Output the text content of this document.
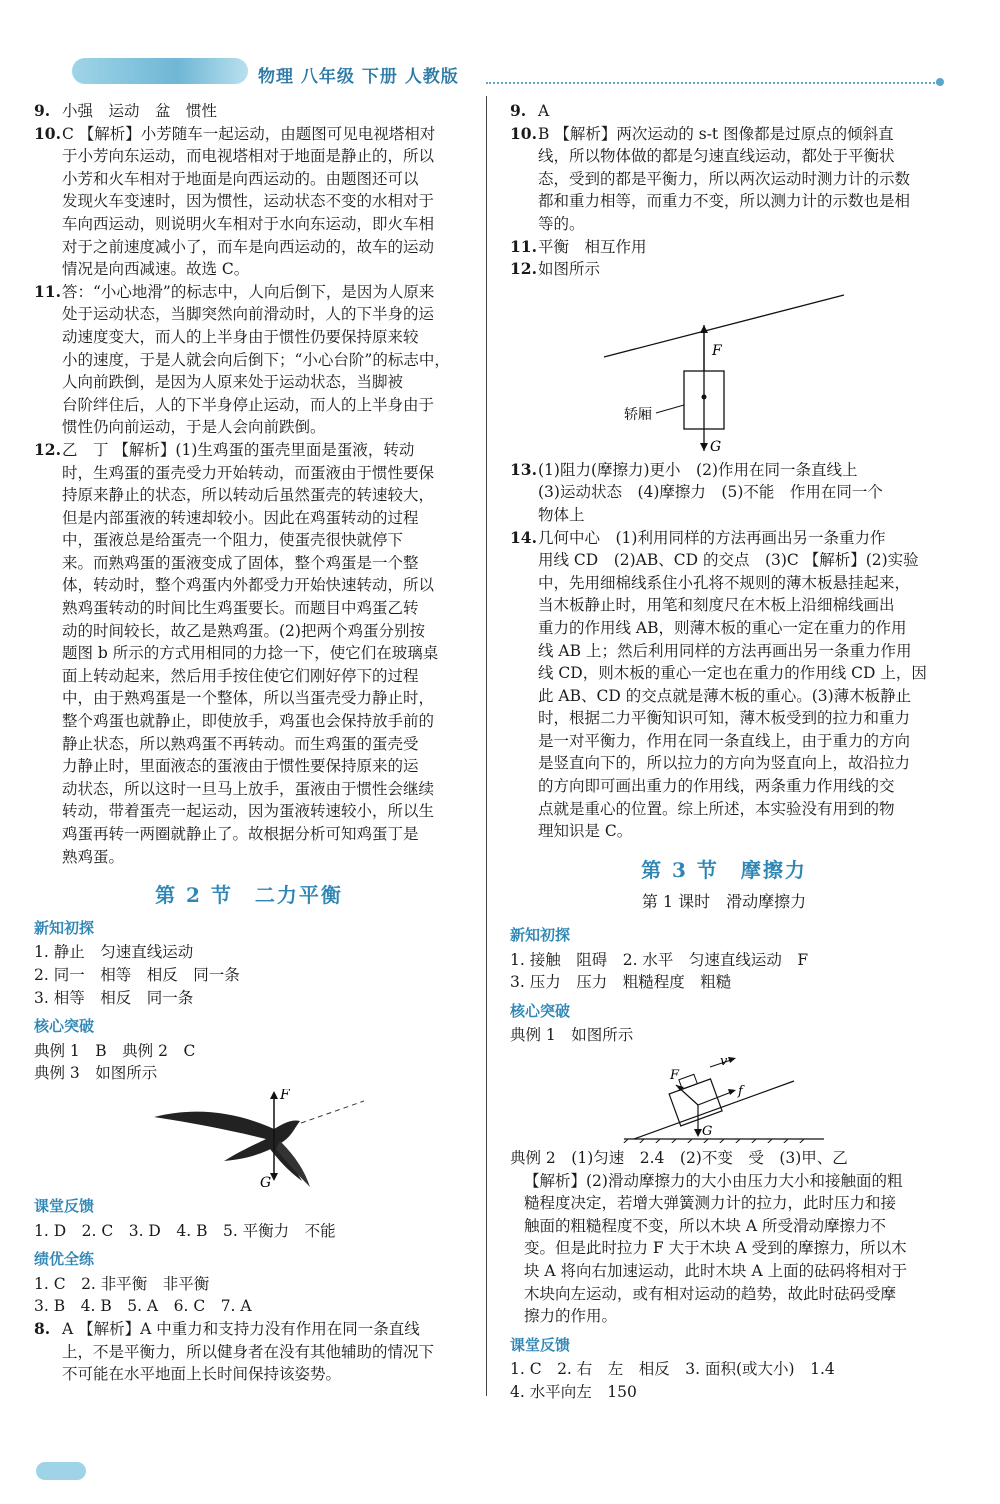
物理 八年级 下册 人教版
9. 小强　运动　盆　惯性
10. C 【解析】小芳随车一起运动，由题图可见电视塔相对
于小芳向东运动，而电视塔相对于地面是静止的，所以
小芳和火车相对于地面是向西运动的。由题图还可以
发现火车变速时，因为惯性，运动状态不变的水相对于
车向西运动，则说明火车相对于水向东运动，即火车相
对于之前速度减小了，而车是向西运动的，故车的运动
情况是向西减速。故选 C。
11. 答：“小心地滑”的标志中，人向后倒下，是因为人原来
处于运动状态，当脚突然向前滑动时，人的下半身的运
动速度变大，而人的上半身由于惯性仍要保持原来较
小的速度，于是人就会向后倒下；“小心台阶”的标志中，
人向前跌倒，是因为人原来处于运动状态，当脚被
台阶绊住后，人的下半身停止运动，而人的上半身由于
惯性仍向前运动，于是人会向前跌倒。
12. 乙　丁 【解析】(1)生鸡蛋的蛋壳里面是蛋液，转动
时，生鸡蛋的蛋壳受力开始转动，而蛋液由于惯性要保
持原来静止的状态，所以转动后虽然蛋壳的转速较大，
但是内部蛋液的转速却较小。因此在鸡蛋转动的过程
中，蛋液总是给蛋壳一个阻力，使蛋壳很快就停下
来。而熟鸡蛋的蛋液变成了固体，整个鸡蛋是一个整
体，转动时，整个鸡蛋内外都受力开始快速转动，所以
熟鸡蛋转动的时间比生鸡蛋要长。而题目中鸡蛋乙转
动的时间较长，故乙是熟鸡蛋。(2)把两个鸡蛋分别按
题图 b 所示的方式用相同的力捻一下，使它们在玻璃桌
面上转动起来，然后用手按住使它们刚好停下的过程
中，由于熟鸡蛋是一个整体，所以当蛋壳受力静止时，
整个鸡蛋也就静止，即使放手，鸡蛋也会保持放手前的
静止状态，所以熟鸡蛋不再转动。而生鸡蛋的蛋壳受
力静止时，里面液态的蛋液由于惯性要保持原来的运
动状态，所以这时一旦马上放手，蛋液由于惯性会继续
转动，带着蛋壳一起运动，因为蛋液转速较小，所以生
鸡蛋再转一两圈就静止了。故根据分析可知鸡蛋丁是
熟鸡蛋。
第 2 节　二力平衡
新知初探
1. 静止　匀速直线运动
2. 同一　相等　相反　同一条
3. 相等　相反　同一条
核心突破
典例 1　B　典例 2　C
典例 3　如图所示
F
G
课堂反馈
1. D　2. C　3. D　4. B　5. 平衡力　不能
绩优全练
1. C　2. 非平衡　非平衡
3. B　4. B　5. A　6. C　7. A
8. A 【解析】A 中重力和支持力没有作用在同一条直线
上，不是平衡力，所以健身者在没有其他辅助的情况下
不可能在水平地面上长时间保持该姿势。
9. A
10. B 【解析】两次运动的 s-t 图像都是过原点的倾斜直
线，所以物体做的都是匀速直线运动，都处于平衡状
态，受到的都是平衡力，所以两次运动时测力计的示数
都和重力相等，而重力不变，所以测力计的示数也是相
等的。
11. 平衡　相互作用
12. 如图所示
F
G
轿厢
13. (1)阻力(摩擦力)更小　(2)作用在同一条直线上
(3)运动状态　(4)摩擦力　(5)不能　作用在同一个
物体上
14. 几何中心　(1)利用同样的方法再画出另一条重力作
用线 CD　(2)AB、CD 的交点　(3)C 【解析】(2)实验
中，先用细棉线系住小孔将不规则的薄木板悬挂起来，
当木板静止时，用笔和刻度尺在木板上沿细棉线画出
重力的作用线 AB，则薄木板的重心一定在重力的作用
线 AB 上；然后利用同样的方法再画出另一条重力作用
线 CD，则木板的重心一定也在重力的作用线 CD 上，因
此 AB、CD 的交点就是薄木板的重心。(3)薄木板静止
时，根据二力平衡知识可知，薄木板受到的拉力和重力
是一对平衡力，作用在同一条直线上，由于重力的方向
是竖直向下的，所以拉力的方向为竖直向上，故沿拉力
的方向即可画出重力的作用线，两条重力作用线的交
点就是重心的位置。综上所述，本实验没有用到的物
理知识是 C。
第 3 节　摩擦力
第 1 课时　滑动摩擦力
新知初探
1. 接触　阻碍　2. 水平　匀速直线运动　F
3. 压力　压力　粗糙程度　粗糙
核心突破
典例 1　如图所示
F
v
f
G
典例 2　(1)匀速　2.4　(2)不变　受　(3)甲、乙
【解析】(2)滑动摩擦力的大小由压力大小和接触面的粗
糙程度决定，若增大弹簧测力计的拉力，此时压力和接
触面的粗糙程度不变，所以木块 A 所受滑动摩擦力不
变。但是此时拉力 F 大于木块 A 受到的摩擦力，所以木
块 A 将向右加速运动，此时木块 A 上面的砝码将相对于
木块向左运动，或有相对运动的趋势，故此时砝码受摩
擦力的作用。
课堂反馈
1. C　2. 右　左　相反　3. 面积(或大小)　1.4
4. 水平向左　150
